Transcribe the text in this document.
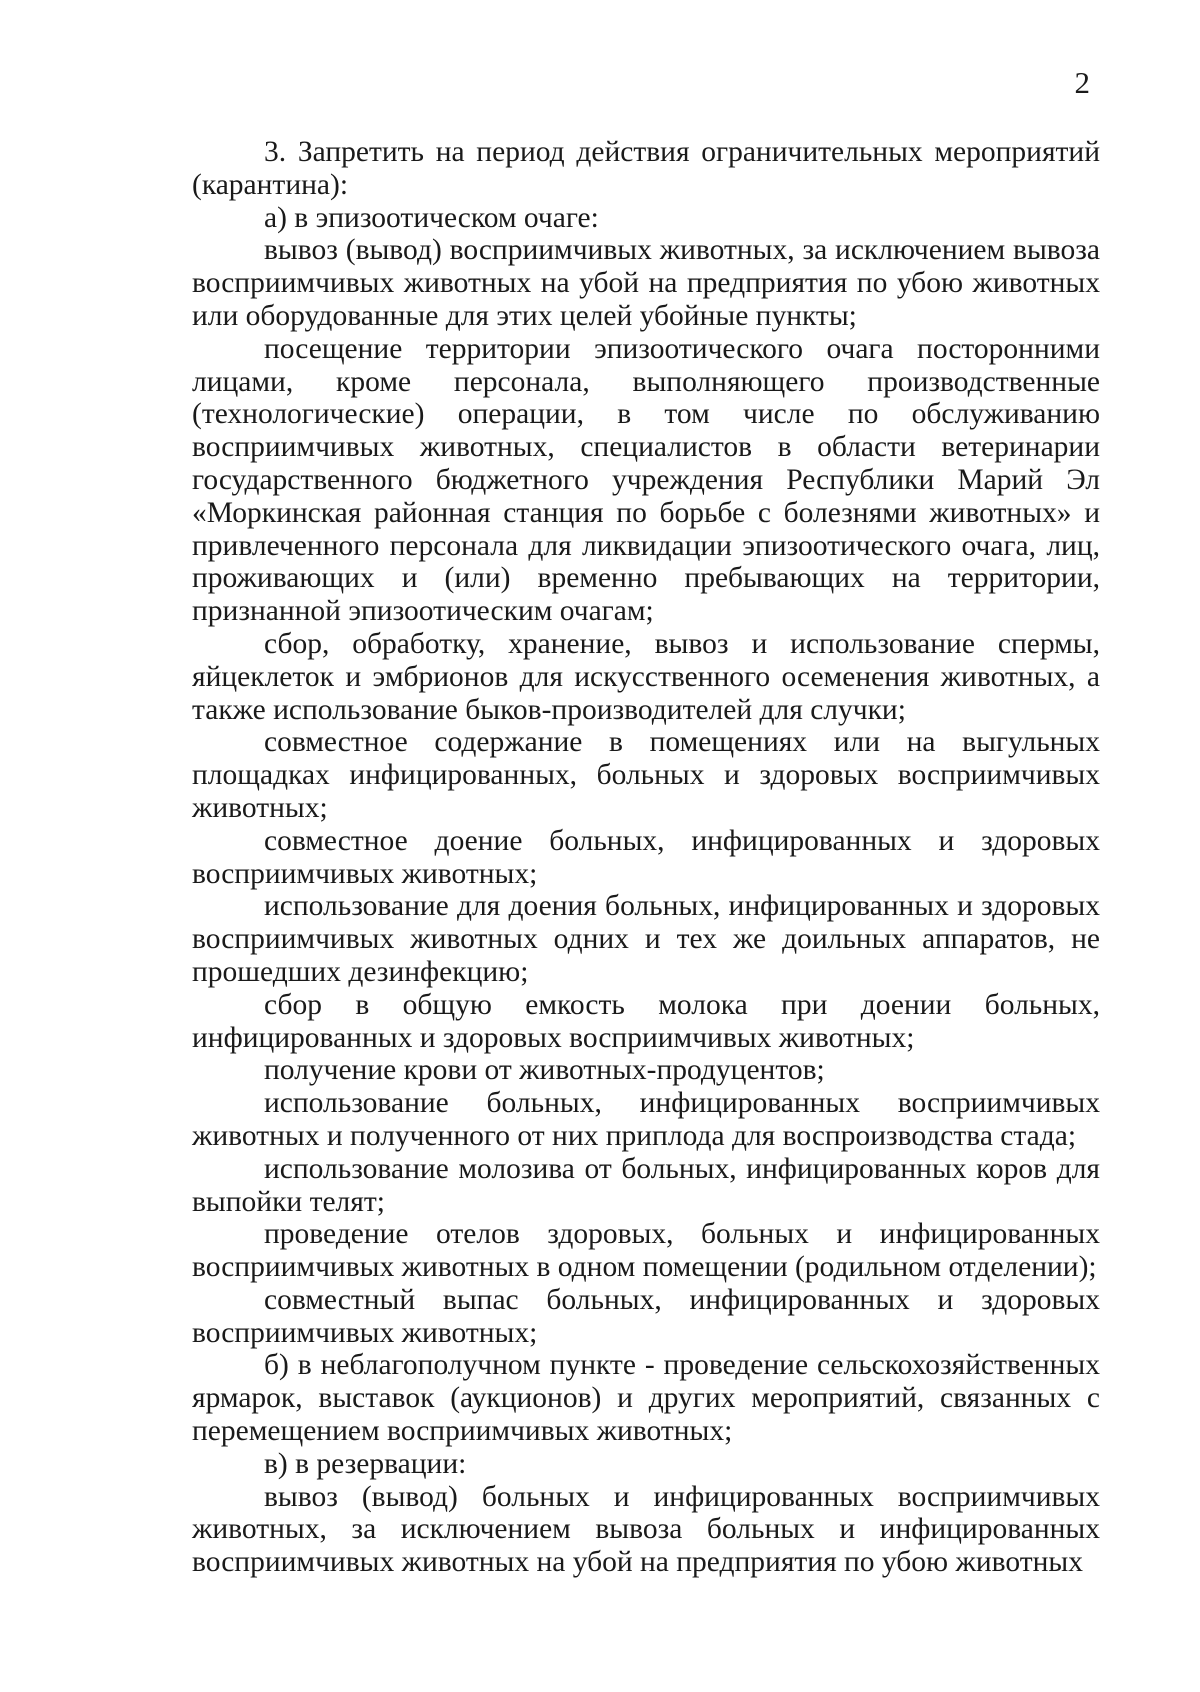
2

3. Запретить на период действия ограничительных мероприятий (карантина):

а) в эпизоотическом очаге:

вывоз (вывод) восприимчивых животных, за исключением вывоза восприимчивых животных на убой на предприятия по убою животных или оборудованные для этих целей убойные пункты;

посещение территории эпизоотического очага посторонними лицами, кроме персонала, выполняющего производственные (технологические) операции, в том числе по обслуживанию восприимчивых животных, специалистов в области ветеринарии государственного бюджетного учреждения Республики Марий Эл «Моркинская районная станция по борьбе с болезнями животных» и привлеченного персонала для ликвидации эпизоотического очага, лиц, проживающих и (или) временно пребывающих на территории, признанной эпизоотическим очагам;

сбор, обработку, хранение, вывоз и использование спермы, яйцеклеток и эмбрионов для искусственного осеменения животных, а также использование быков-производителей для случки;

совместное содержание в помещениях или на выгульных площадках инфицированных, больных и здоровых восприимчивых животных;

совместное доение больных, инфицированных и здоровых восприимчивых животных;

использование для доения больных, инфицированных и здоровых восприимчивых животных одних и тех же доильных аппаратов, не прошедших дезинфекцию;

сбор в общую емкость молока при доении больных, инфицированных и здоровых восприимчивых животных;

получение крови от животных-продуцентов;

использование больных, инфицированных восприимчивых животных и полученного от них приплода для воспроизводства стада;

использование молозива от больных, инфицированных коров для выпойки телят;

проведение отелов здоровых, больных и инфицированных восприимчивых животных в одном помещении (родильном отделении);

совместный выпас больных, инфицированных и здоровых восприимчивых животных;

б) в неблагополучном пункте - проведение сельскохозяйственных ярмарок, выставок (аукционов) и других мероприятий, связанных с перемещением восприимчивых животных;

в) в резервации:

вывоз (вывод) больных и инфицированных восприимчивых животных, за исключением вывоза больных и инфицированных восприимчивых животных на убой на предприятия по убою животных
